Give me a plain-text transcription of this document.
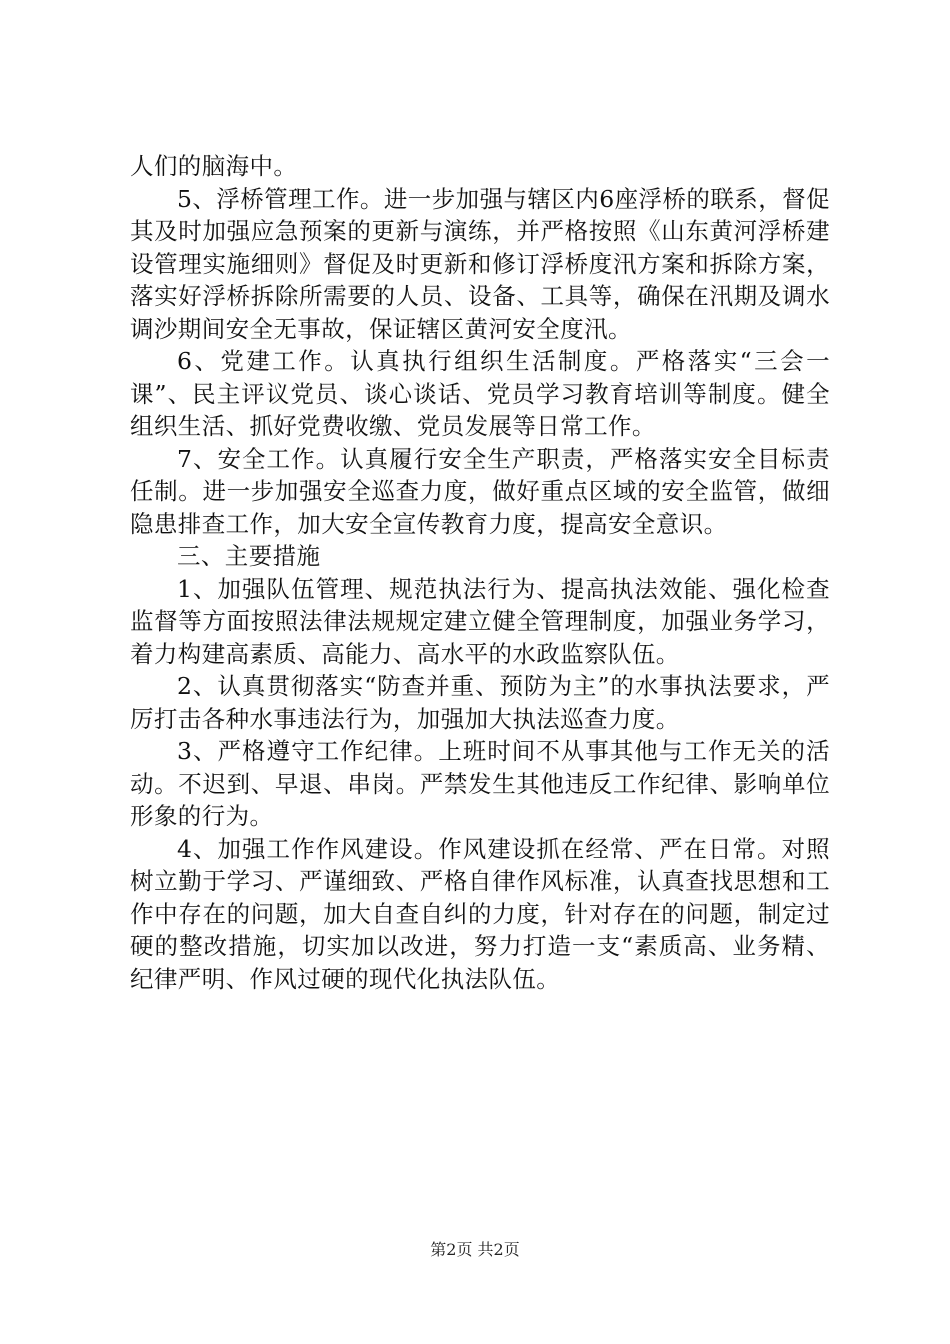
人们的脑海中。

5、浮桥管理工作。进一步加强与辖区内6座浮桥的联系，督促其及时加强应急预案的更新与演练，并严格按照《山东黄河浮桥建设管理实施细则》督促及时更新和修订浮桥度汛方案和拆除方案，落实好浮桥拆除所需要的人员、设备、工具等，确保在汛期及调水调沙期间安全无事故，保证辖区黄河安全度汛。

6、党建工作。认真执行组织生活制度。严格落实“三会一课”、民主评议党员、谈心谈话、党员学习教育培训等制度。健全组织生活、抓好党费收缴、党员发展等日常工作。

7、安全工作。认真履行安全生产职责，严格落实安全目标责任制。进一步加强安全巡查力度，做好重点区域的安全监管，做细隐患排查工作，加大安全宣传教育力度，提高安全意识。

三、主要措施

1、加强队伍管理、规范执法行为、提高执法效能、强化检查监督等方面按照法律法规规定建立健全管理制度，加强业务学习，着力构建高素质、高能力、高水平的水政监察队伍。

2、认真贯彻落实“防查并重、预防为主”的水事执法要求，严厉打击各种水事违法行为，加强加大执法巡查力度。

3、严格遵守工作纪律。上班时间不从事其他与工作无关的活动。不迟到、早退、串岗。严禁发生其他违反工作纪律、影响单位形象的行为。

4、加强工作作风建设。作风建设抓在经常、严在日常。对照树立勤于学习、严谨细致、严格自律作风标准，认真查找思想和工作中存在的问题，加大自查自纠的力度，针对存在的问题，制定过硬的整改措施，切实加以改进，努力打造一支“素质高、业务精、纪律严明、作风过硬的现代化执法队伍。

第2页 共2页
